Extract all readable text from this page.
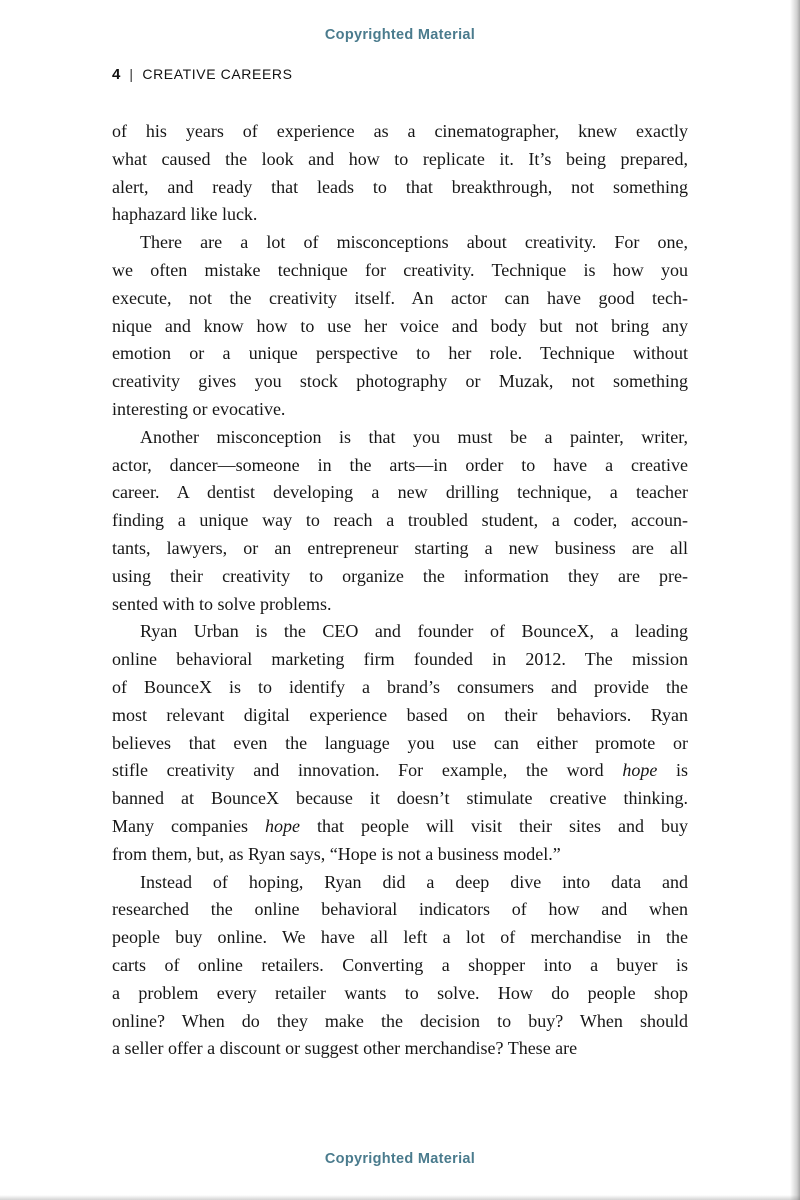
Copyrighted Material
4 | CREATIVE CAREERS
of his years of experience as a cinematographer, knew exactly
what caused the look and how to replicate it. It’s being prepared,
alert, and ready that leads to that breakthrough, not something
haphazard like luck.
There are a lot of misconceptions about creativity. For one,
we often mistake technique for creativity. Technique is how you
execute, not the creativity itself. An actor can have good tech-
nique and know how to use her voice and body but not bring any
emotion or a unique perspective to her role. Technique without
creativity gives you stock photography or Muzak, not something
interesting or evocative.
Another misconception is that you must be a painter, writer,
actor, dancer—someone in the arts—in order to have a creative
career. A dentist developing a new drilling technique, a teacher
finding a unique way to reach a troubled student, a coder, accoun-
tants, lawyers, or an entrepreneur starting a new business are all
using their creativity to organize the information they are pre-
sented with to solve problems.
Ryan Urban is the CEO and founder of BounceX, a leading
online behavioral marketing firm founded in 2012. The mission
of BounceX is to identify a brand’s consumers and provide the
most relevant digital experience based on their behaviors. Ryan
believes that even the language you use can either promote or
stifle creativity and innovation. For example, the word hope is
banned at BounceX because it doesn’t stimulate creative thinking.
Many companies hope that people will visit their sites and buy
from them, but, as Ryan says, “Hope is not a business model.”
Instead of hoping, Ryan did a deep dive into data and
researched the online behavioral indicators of how and when
people buy online. We have all left a lot of merchandise in the
carts of online retailers. Converting a shopper into a buyer is
a problem every retailer wants to solve. How do people shop
online? When do they make the decision to buy? When should
a seller offer a discount or suggest other merchandise? These are
Copyrighted Material
